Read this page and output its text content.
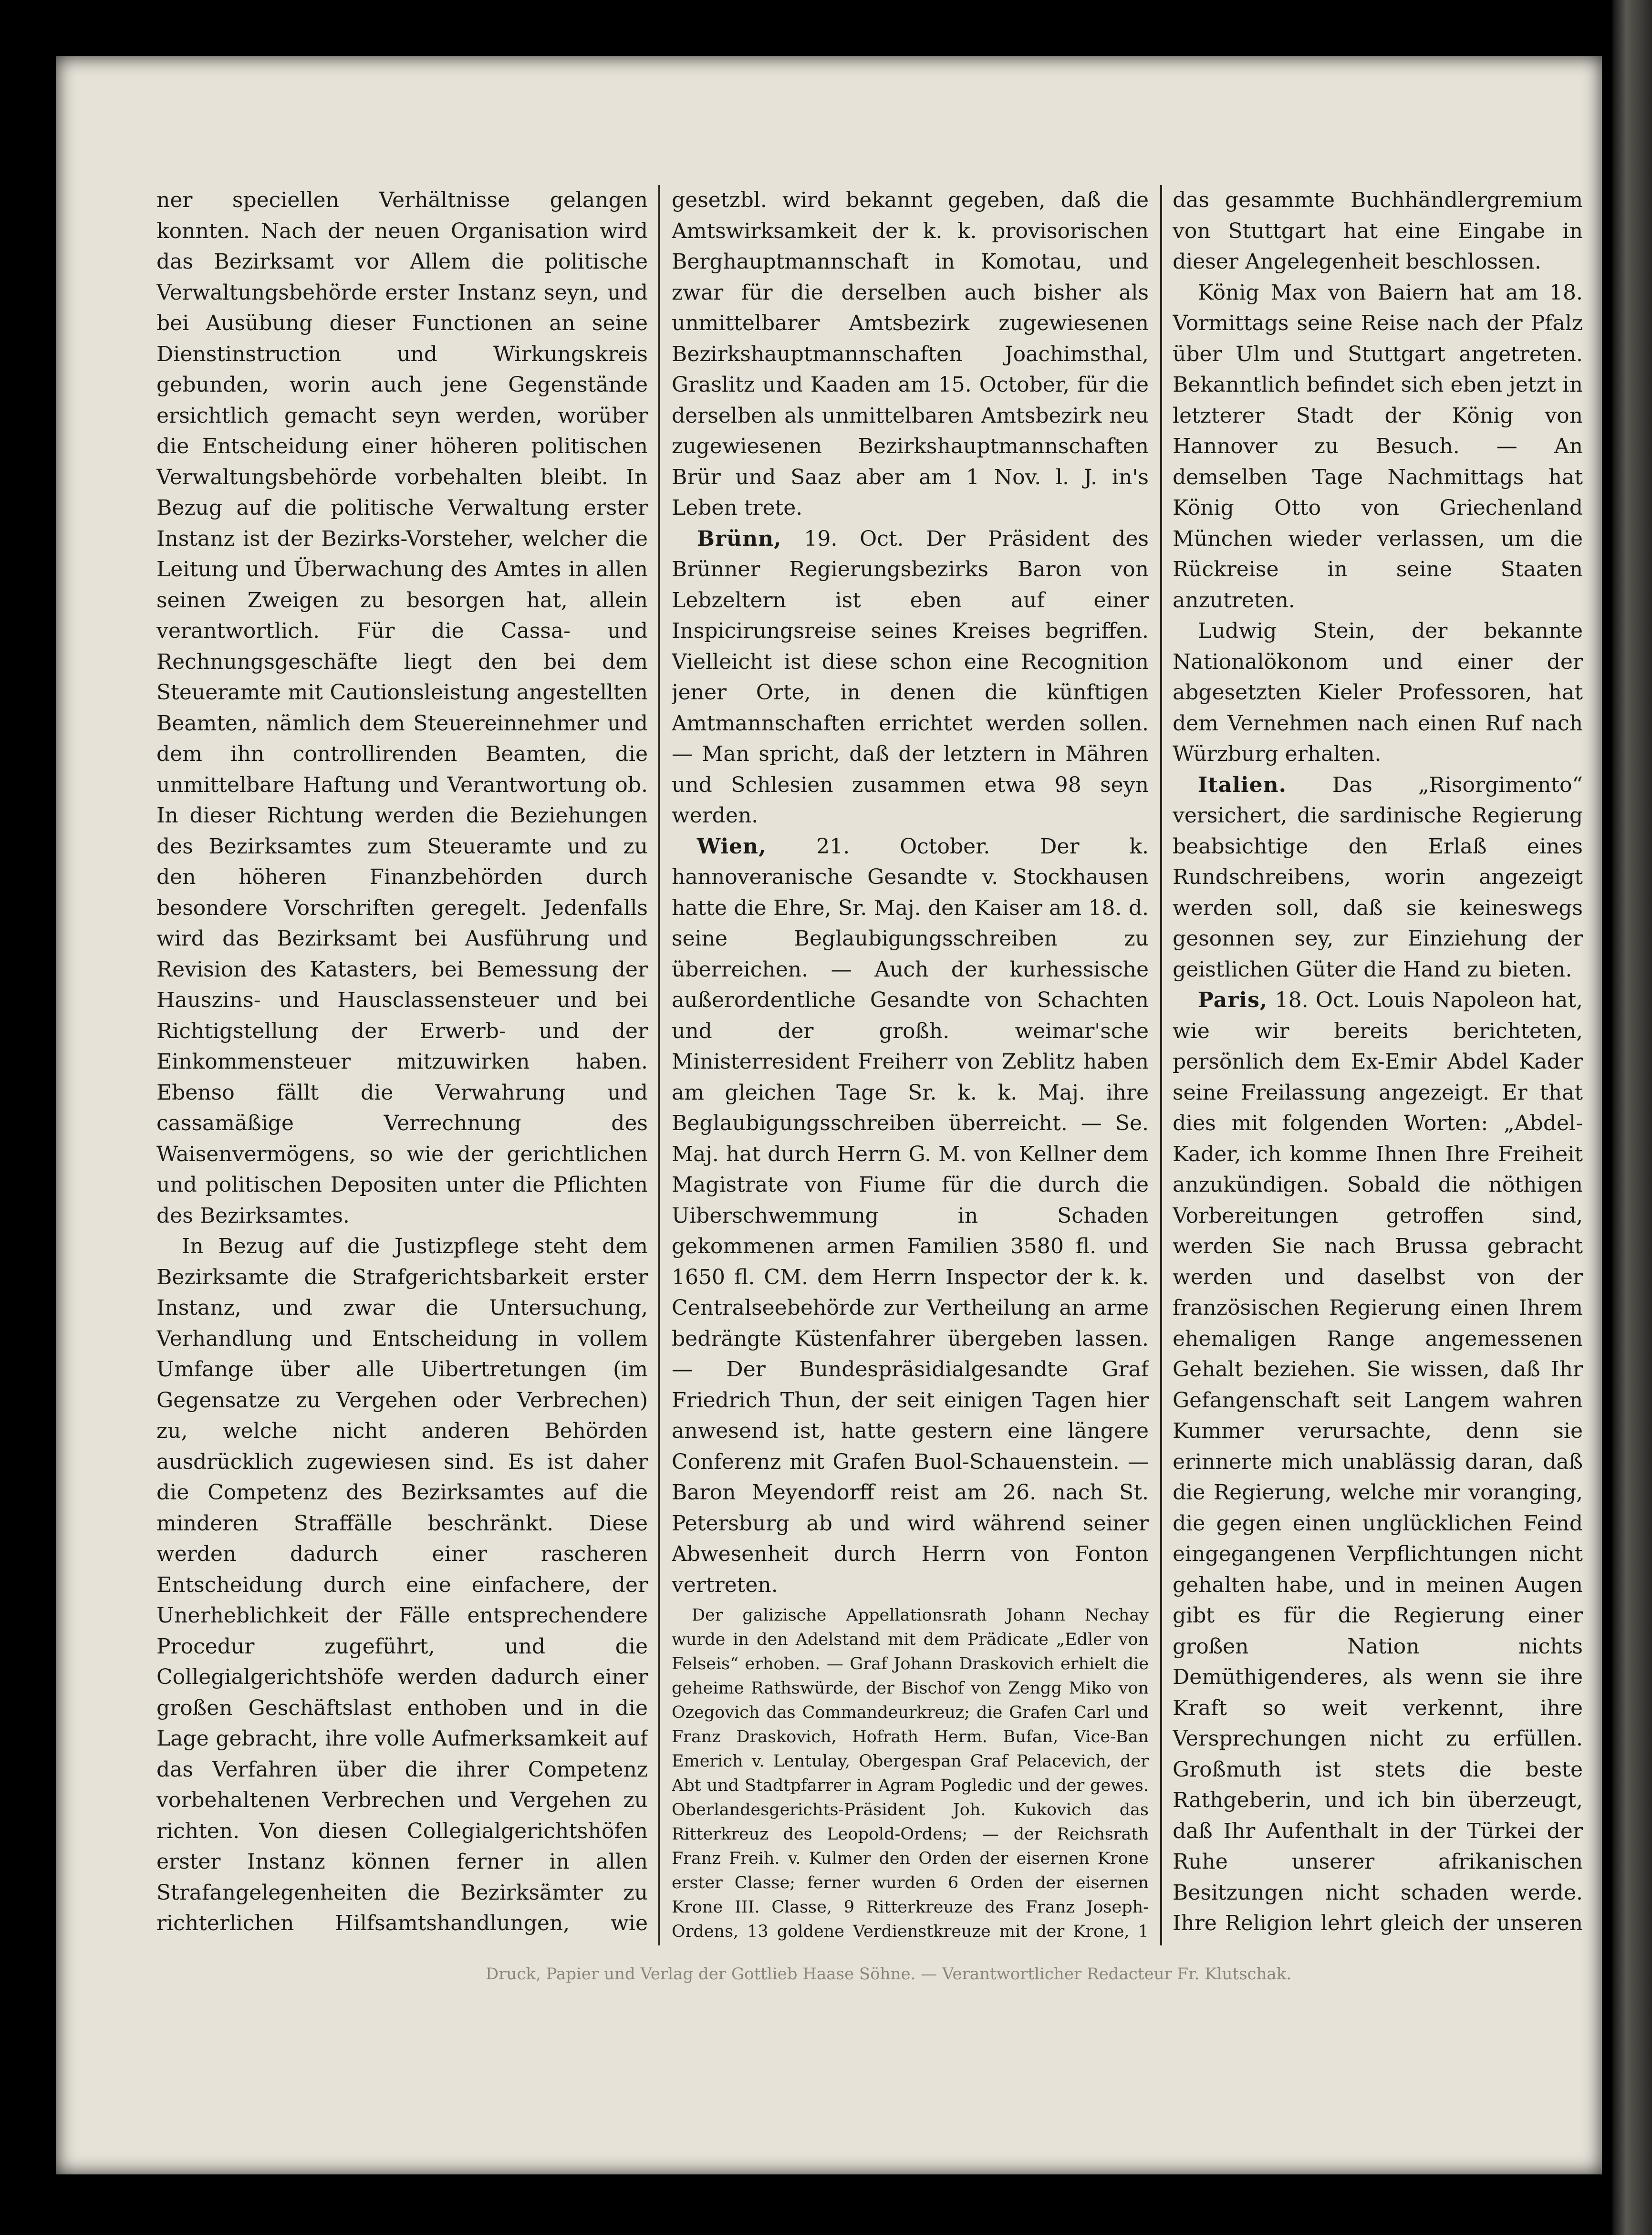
ner speciellen Verhältnisse gelangen konnten. Nach der neuen Organisation wird das Bezirksamt vor Allem die politische Verwaltungsbehörde erster Instanz seyn, und bei Ausübung dieser Functionen an seine Dienstinstruction und Wirkungskreis gebunden, worin auch jene Gegenstände ersichtlich gemacht seyn werden, worüber die Entscheidung einer höheren politischen Verwaltungsbehörde vorbehalten bleibt. In Bezug auf die politische Verwaltung erster Instanz ist der Bezirks-Vorsteher, welcher die Leitung und Überwachung des Amtes in allen seinen Zweigen zu besorgen hat, allein verantwortlich. Für die Cassa- und Rechnungsgeschäfte liegt den bei dem Steueramte mit Cautionsleistung angestellten Beamten, nämlich dem Steuereinnehmer und dem ihn controllirenden Beamten, die unmittelbare Haftung und Verantwortung ob. In dieser Richtung werden die Beziehungen des Bezirksamtes zum Steueramte und zu den höheren Finanzbehörden durch besondere Vorschriften geregelt. Jedenfalls wird das Bezirksamt bei Ausführung und Revision des Katasters, bei Bemessung der Hauszins- und Hausclassensteuer und bei Richtigstellung der Erwerb- und der Einkommensteuer mitzuwirken haben. Ebenso fällt die Verwahrung und cassamäßige Verrechnung des Waisenvermögens, so wie der gerichtlichen und politischen Depositen unter die Pflichten des Bezirksamtes.

In Bezug auf die Justizpflege steht dem Bezirksamte die Strafgerichtsbarkeit erster Instanz, und zwar die Untersuchung, Verhandlung und Entscheidung in vollem Umfange über alle Uibertretungen (im Gegensatze zu Vergehen oder Verbrechen) zu, welche nicht anderen Behörden ausdrücklich zugewiesen sind. Es ist daher die Competenz des Bezirksamtes auf die minderen Straffälle beschränkt. Diese werden dadurch einer rascheren Entscheidung durch eine einfachere, der Unerheblichkeit der Fälle entsprechendere Procedur zugeführt, und die Collegialgerichtshöfe werden dadurch einer großen Geschäftslast enthoben und in die Lage gebracht, ihre volle Aufmerksamkeit auf das Verfahren über die ihrer Competenz vorbehaltenen Verbrechen und Vergehen zu richten. Von diesen Collegialgerichtshöfen erster Instanz können ferner in allen Strafangelegenheiten die Bezirksämter zu richterlichen Hilfsamtshandlungen, wie

gesetzbl. wird bekannt gegeben, daß die Amtswirksamkeit der k. k. provisorischen Berghauptmannschaft in Komotau, und zwar für die derselben auch bisher als unmittelbarer Amtsbezirk zugewiesenen Bezirkshauptmannschaften Joachimsthal, Graslitz und Kaaden am 15. October, für die derselben als unmittelbaren Amtsbezirk neu zugewiesenen Bezirkshauptmannschaften Brür und Saaz aber am 1 Nov. l. J. in's Leben trete.

Brünn, 19. Oct. Der Präsident des Brünner Regierungsbezirks Baron von Lebzeltern ist eben auf einer Inspicirungsreise seines Kreises begriffen. Vielleicht ist diese schon eine Recognition jener Orte, in denen die künftigen Amtmannschaften errichtet werden sollen. — Man spricht, daß der letztern in Mähren und Schlesien zusammen etwa 98 seyn werden.

Wien, 21. October. Der k. hannoveranische Gesandte v. Stockhausen hatte die Ehre, Sr. Maj. den Kaiser am 18. d. seine Beglaubigungsschreiben zu überreichen. — Auch der kurhessische außerordentliche Gesandte von Schachten und der großh. weimar'sche Ministerresident Freiherr von Zeblitz haben am gleichen Tage Sr. k. k. Maj. ihre Beglaubigungsschreiben überreicht. — Se. Maj. hat durch Herrn G. M. von Kellner dem Magistrate von Fiume für die durch die Uiberschwemmung in Schaden gekommenen armen Familien 3580 fl. und 1650 fl. CM. dem Herrn Inspector der k. k. Centralseebehörde zur Vertheilung an arme bedrängte Küstenfahrer übergeben lassen. — Der Bundespräsidialgesandte Graf Friedrich Thun, der seit einigen Tagen hier anwesend ist, hatte gestern eine längere Conferenz mit Grafen Buol-Schauenstein. — Baron Meyendorff reist am 26. nach St. Petersburg ab und wird während seiner Abwesenheit durch Herrn von Fonton vertreten.

Der galizische Appellationsrath Johann Nechay wurde in den Adelstand mit dem Prädicate „Edler von Felseis“ erhoben. — Graf Johann Draskovich erhielt die geheime Rathswürde, der Bischof von Zengg Miko von Ozegovich das Commandeurkreuz; die Grafen Carl und Franz Draskovich, Hofrath Herm. Bufan, Vice-Ban Emerich v. Lentulay, Obergespan Graf Pelacevich, der Abt und Stadtpfarrer in Agram Pogledic und der gewes. Oberlandesgerichts-Präsident Joh. Kukovich das Ritterkreuz des Leopold-Ordens; — der Reichsrath Franz Freih. v. Kulmer den Orden der eisernen Krone erster Classe; ferner wurden 6 Orden der eisernen Krone III. Classe, 9 Ritterkreuze des Franz Joseph-Ordens, 13 goldene Verdienstkreuze mit der Krone, 1

das gesammte Buchhändlergremium von Stuttgart hat eine Eingabe in dieser Angelegenheit beschlossen.

König Max von Baiern hat am 18. Vormittags seine Reise nach der Pfalz über Ulm und Stuttgart angetreten. Bekanntlich befindet sich eben jetzt in letzterer Stadt der König von Hannover zu Besuch. — An demselben Tage Nachmittags hat König Otto von Griechenland München wieder verlassen, um die Rückreise in seine Staaten anzutreten.

Ludwig Stein, der bekannte Nationalökonom und einer der abgesetzten Kieler Professoren, hat dem Vernehmen nach einen Ruf nach Würzburg erhalten.

Italien. Das „Risorgimento“ versichert, die sardinische Regierung beabsichtige den Erlaß eines Rundschreibens, worin angezeigt werden soll, daß sie keineswegs gesonnen sey, zur Einziehung der geistlichen Güter die Hand zu bieten.

Paris, 18. Oct. Louis Napoleon hat, wie wir bereits berichteten, persönlich dem Ex-Emir Abdel Kader seine Freilassung angezeigt. Er that dies mit folgenden Worten: „Abdel-Kader, ich komme Ihnen Ihre Freiheit anzukündigen. Sobald die nöthigen Vorbereitungen getroffen sind, werden Sie nach Brussa gebracht werden und daselbst von der französischen Regierung einen Ihrem ehemaligen Range angemessenen Gehalt beziehen. Sie wissen, daß Ihr Gefangenschaft seit Langem wahren Kummer verursachte, denn sie erinnerte mich unablässig daran, daß die Regierung, welche mir voranging, die gegen einen unglücklichen Feind eingegangenen Verpflichtungen nicht gehalten habe, und in meinen Augen gibt es für die Regierung einer großen Nation nichts Demüthigenderes, als wenn sie ihre Kraft so weit verkennt, ihre Versprechungen nicht zu erfüllen. Großmuth ist stets die beste Rathgeberin, und ich bin überzeugt, daß Ihr Aufenthalt in der Türkei der Ruhe unserer afrikanischen Besitzungen nicht schaden werde. Ihre Religion lehrt gleich der unseren

Druck, Papier und Verlag der Gottlieb Haase Söhne. — Verantwortlicher Redacteur Fr. Klutschak.
